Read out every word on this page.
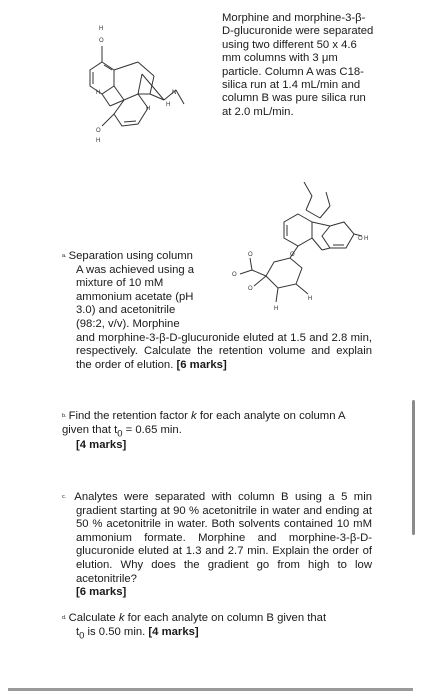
H
O
H
H
N
H
O
H
Morphine and morphine-3-β-D-glucuronide were separated using two different 50 x 4.6 mm columns with 3 μm particle. Column A was C18-silica run at 1.4 mL/min and column B was pure silica run at 2.0 mL/min.
O H
O
O
O
O
H
H

a. Separation using column

A was achieved using a

mixture of 10 mM

ammonium acetate (pH

3.0) and acetonitrile

(98:2, v/v). Morphine

and morphine-3-β-D-glucuronide eluted at 1.5 and 2.8 min, respectively. Calculate the retention volume and explain the order of elution. [6 marks]
b. Find the retention factor k for each analyte on column A given that $t_0 = 0.65$ min.
[4 marks]
c. Analytes were separated with column B using a 5 min gradient starting at 90 % acetonitrile in water and ending at 50 % acetonitrile in water. Both solvents contained 10 mM ammonium formate. Morphine and morphine-3-β-D-glucuronide eluted at 1.3 and 2.7 min. Explain the order of elution. Why does the gradient go from high to low acetonitrile?
[6 marks]
d. Calculate k for each analyte on column B given that
$t_0$ is 0.50 min. [4 marks]
